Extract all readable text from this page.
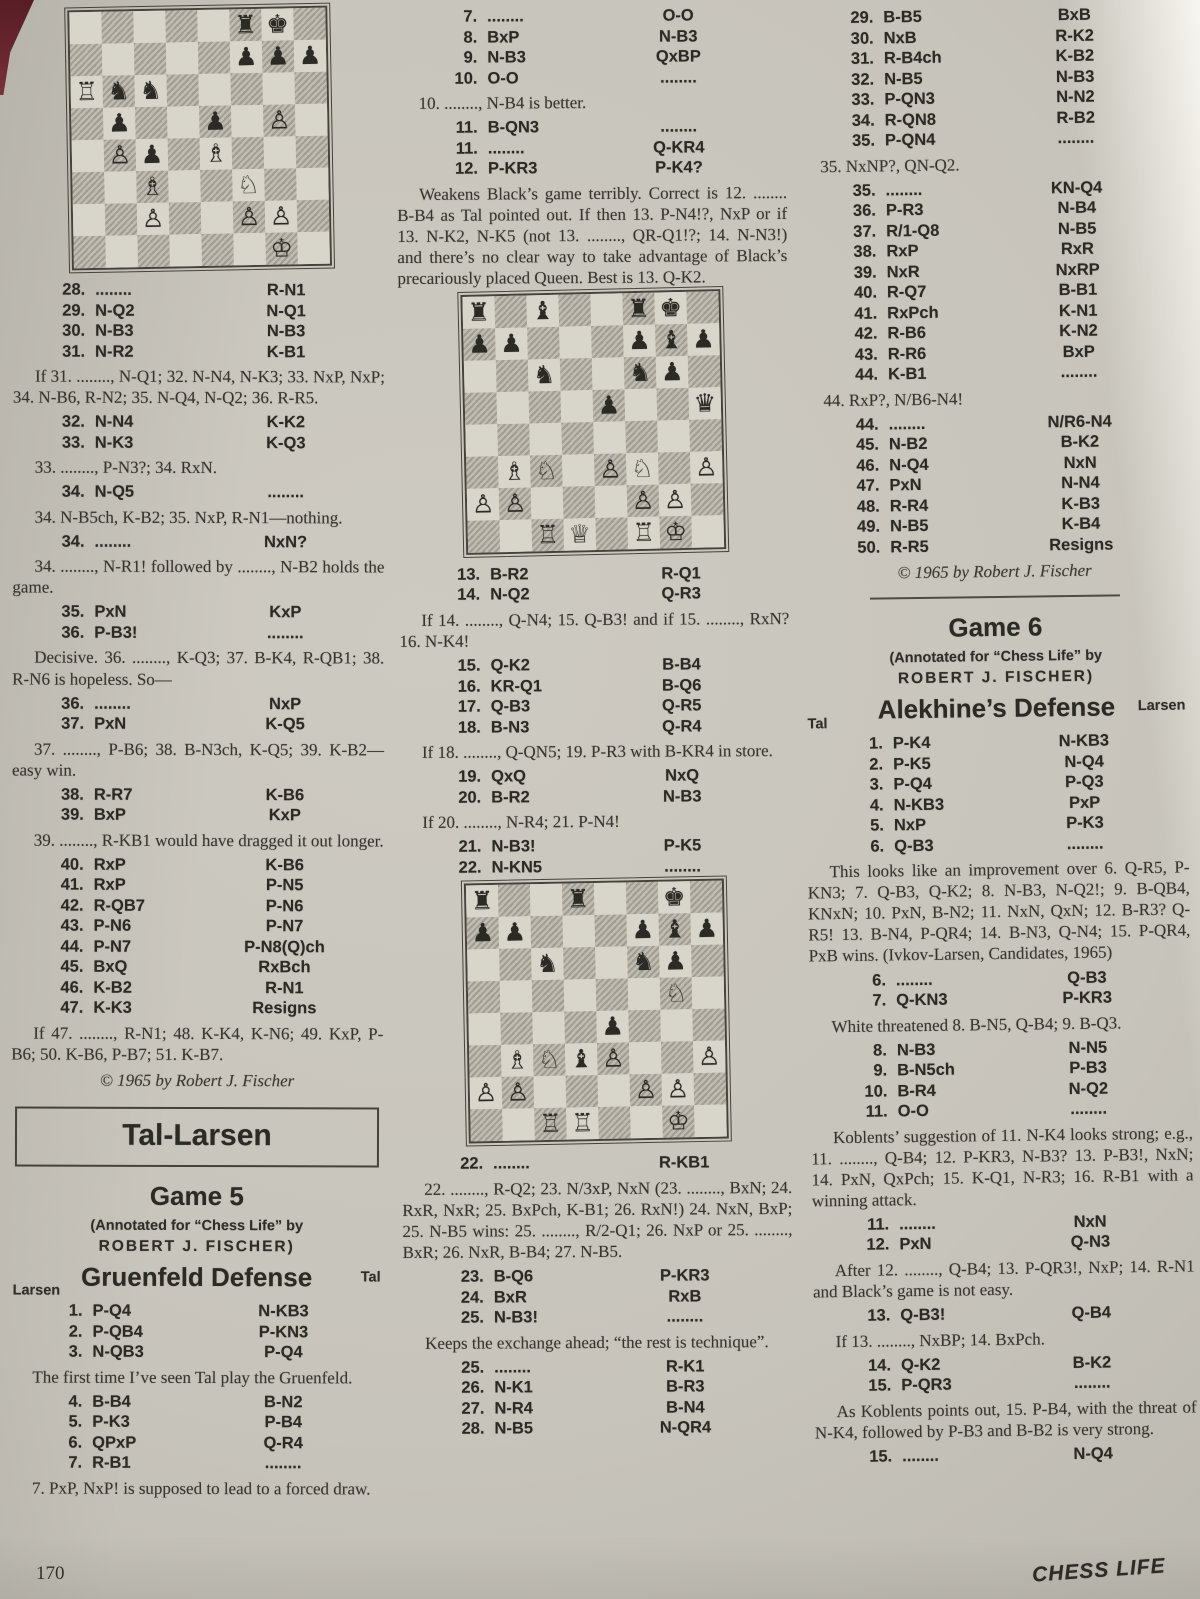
♜ ♚
♟ ♟ ♟
♖ ♞ ♞
♟	♟ ♙
♙ ♟ ♗
♗	♘
♙	♙ ♙
♔
28. ........	R-N1
29. N-Q2	N-Q1
30. N-B3	N-B3
31. N-R2	K-B1

If 31. ........, N-Q1; 32. N-N4, N-K3; 33. NxP, NxP; 34. N-B6, R-N2; 35. N-Q4, N-Q2; 36. R-R5.

32. N-N4	K-K2
33. N-K3	K-Q3

33. ........, P-N3?; 34. RxN.

34. N-Q5	........

34. N-B5ch, K-B2; 35. NxP, R-N1—nothing.

34. ........	NxN?

34. ........, N-R1! followed by ........, N-B2 holds the game.

35. PxN	KxP
36. P-B3!	........

Decisive. 36. ........, K-Q3; 37. B-K4, R-QB1; 38. R-N6 is hopeless. So—

36. ........	NxP
37. PxN	K-Q5

37. ........, P-B6; 38. B-N3ch, K-Q5; 39. K-B2—easy win.

38. R-R7	K-B6
39. BxP	KxP

39. ........, R-KB1 would have dragged it out longer.

40. RxP	K-B6
41. RxP	P-N5
42. R-QB7	P-N6
43. P-N6	P-N7
44. P-N7	P-N8(Q)ch
45. BxQ	RxBch
46. K-B2	R-N1
47. K-K3	Resigns

If 47. ........, R-N1; 48. K-K4, K-N6; 49. KxP, P-B6; 50. K-B6, P-B7; 51. K-B7.

© 1965 by Robert J. Fischer
Tal-Larsen
Game 5
(Annotated for “Chess Life” by
ROBERT J. FISCHER)
Gruenfeld Defense
Larsen
Tal
1. P-Q4	N-KB3
2. P-QB4	P-KN3
3. N-QB3	P-Q4

The first time I’ve seen Tal play the Gruenfeld.

4. B-B4	B-N2
5. P-K3	P-B4
6. QPxP	Q-R4
7. R-B1	........

7. PxP, NxP! is supposed to lead to a forced draw.

7. ........	O-O
8. BxP	N-B3
9. N-B3	QxBP
10. O-O	........

10. ........, N-B4 is better.

11. B-QN3	........
11. ........	Q-KR4
12. P-KR3	P-K4?

Weakens Black’s game terribly. Correct is 12. ........ B-B4 as Tal pointed out. If then 13. P-N4!?, NxP or if 13. N-K2, N-K5 (not 13. ........, QR-Q1!?; 14. N-N3!) and there’s no clear way to take advantage of Black’s precariously placed Queen. Best is 13. Q-K2.

♜ ♝	♜ ♚
♟ ♟	♟ ♝ ♟
♞	♞ ♟
♟	♛
♗ ♘ ♙ ♘ ♙
♙ ♙	♙ ♙
♖ ♕ ♖ ♔
13. B-R2	R-Q1
14. N-Q2	Q-R3

If 14. ........, Q-N4; 15. Q-B3! and if 15. ........, RxN? 16. N-K4!

15. Q-K2	B-B4
16. KR-Q1	B-Q6
17. Q-B3	Q-R5
18. B-N3	Q-R4

If 18. ........, Q-QN5; 19. P-R3 with B-KR4 in store.

19. QxQ	NxQ
20. B-R2	N-B3

If 20. ........, N-R4; 21. P-N4!

21. N-B3!	P-K5
22. N-KN5	........
♜	♜	♚
♟ ♟	♟ ♝ ♟
♞	♞ ♟
♘
♟
♗ ♘ ♝ ♙	♙
♙ ♙	♙ ♙
♖ ♖	♔
22. ........	R-KB1

22. ........, R-Q2; 23. N/3xP, NxN (23. ........, BxN; 24. RxR, NxR; 25. BxPch, K-B1; 26. RxN!) 24. NxN, BxP; 25. N-B5 wins: 25. ........, R/2-Q1; 26. NxP or 25. ........, BxR; 26. NxR, B-B4; 27. N-B5.

23. B-Q6	P-KR3
24. BxR	RxB
25. N-B3!	........

Keeps the exchange ahead; “the rest is technique”.

25. ........	R-K1
26. N-K1	B-R3
27. N-R4	B-N4
28. N-B5	N-QR4
29. B-B5	BxB
30. NxB	R-K2
31. R-B4ch	K-B2
32. N-B5	N-B3
33. P-QN3	N-N2
34. R-QN8	R-B2
35. P-QN4	........

35. NxNP?, QN-Q2.

35. ........	KN-Q4
36. P-R3	N-B4
37. R/1-Q8	N-B5
38. RxP	RxR
39. NxR	NxRP
40. R-Q7	B-B1
41. RxPch	K-N1
42. R-B6	K-N2
43. R-R6	BxP
44. K-B1	........

44. RxP?, N/B6-N4!

44. ........	N/R6-N4
45. N-B2	B-K2
46. N-Q4	NxN
47. PxN	N-N4
48. R-R4	K-B3
49. N-B5	K-B4
50. R-R5	Resigns
© 1965 by Robert J. Fischer
Game 6
(Annotated for “Chess Life” by
ROBERT J. FISCHER)
Alekhine’s Defense
Tal
Larsen
1. P-K4	N-KB3
2. P-K5	N-Q4
3. P-Q4	P-Q3
4. N-KB3	PxP
5. NxP	P-K3
6. Q-B3	........

This looks like an improvement over 6. Q-R5, P-KN3; 7. Q-B3, Q-K2; 8. N-B3, N-Q2!; 9. B-QB4, KNxN; 10. PxN, B-N2; 11. NxN, QxN; 12. B-R3? Q-R5! 13. B-N4, P-QR4; 14. B-N3, Q-N4; 15. P-QR4, PxB wins. (Ivkov-Larsen, Candidates, 1965)

6. ........	Q-B3
7. Q-KN3	P-KR3

White threatened 8. B-N5, Q-B4; 9. B-Q3.

8. N-B3	N-N5
9. B-N5ch	P-B3
10. B-R4	N-Q2
11. O-O	........

Koblents’ suggestion of 11. N-K4 looks strong; e.g., 11. ........, Q-B4; 12. P-KR3, N-B3? 13. P-B3!, NxN; 14. PxN, QxPch; 15. K-Q1, N-R3; 16. R-B1 with a winning attack.

11. ........	NxN
12. PxN	Q-N3

After 12. ........, Q-B4; 13. P-QR3!, NxP; 14. R-N1 and Black’s game is not easy.

13. Q-B3!	Q-B4

If 13. ........, NxBP; 14. BxPch.

14. Q-K2	B-K2
15. P-QR3	........

As Koblents points out, 15. P-B4, with the threat of N-K4, followed by P-B3 and B-B2 is very strong.

15. ........	N-Q4
170	CHESS LIFE
